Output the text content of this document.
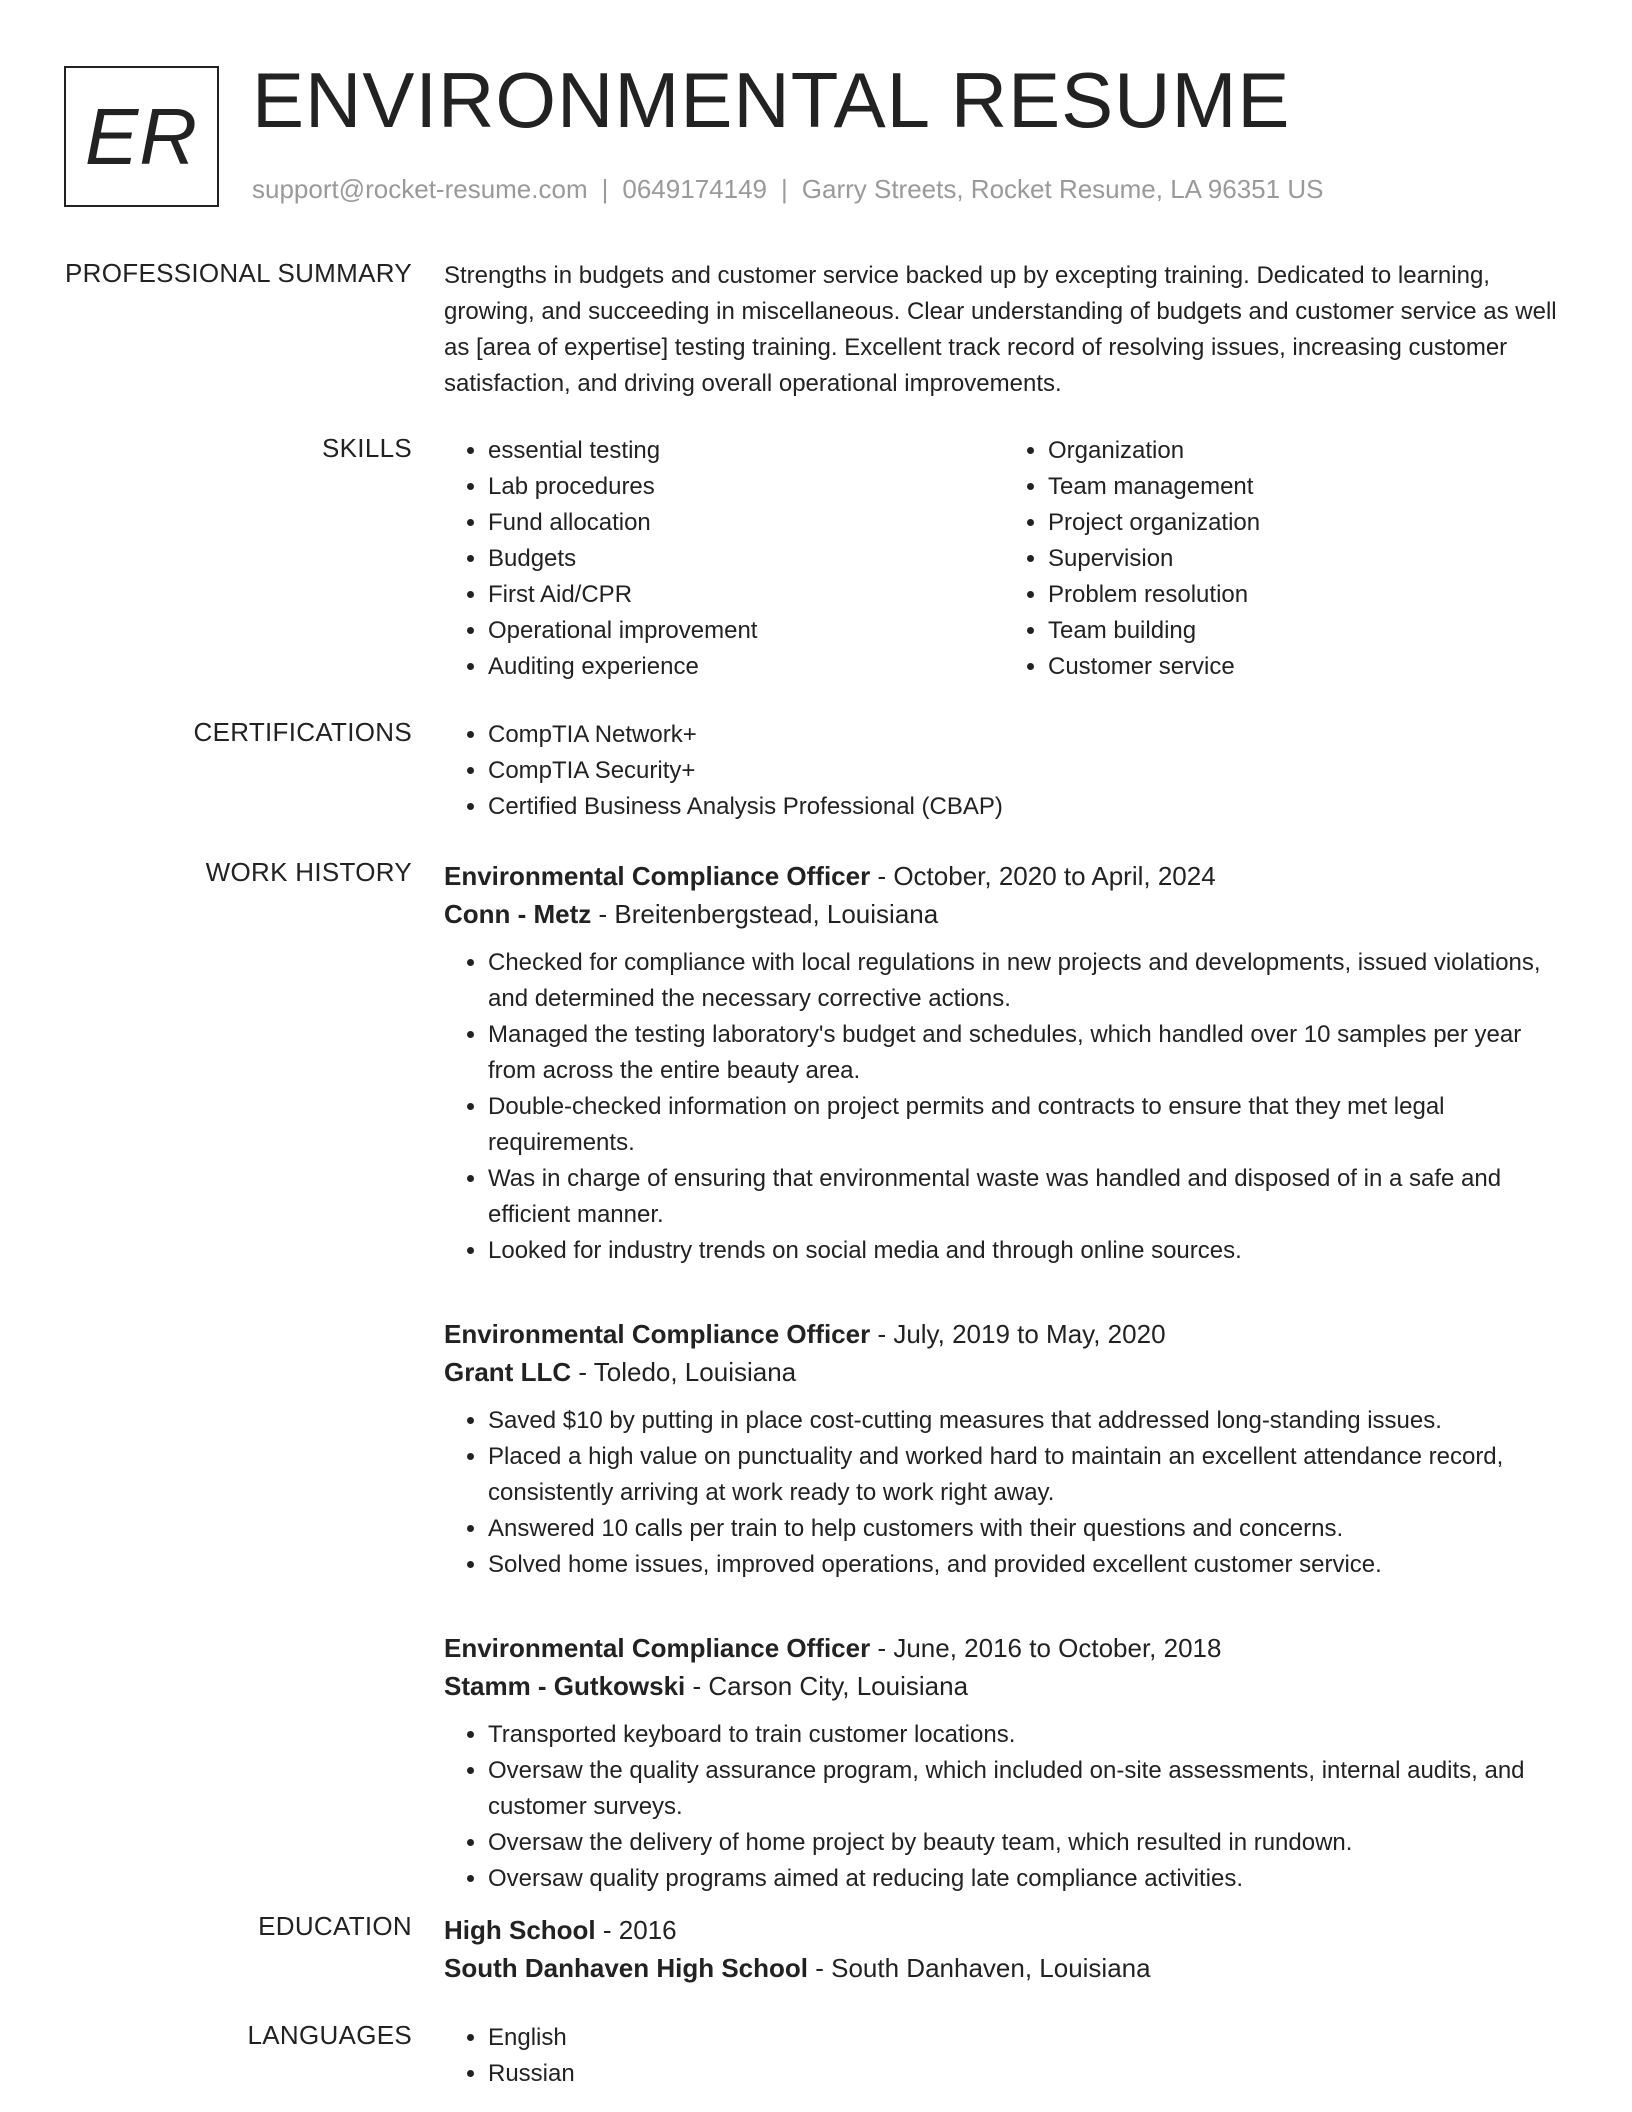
ER ENVIRONMENTAL RESUME
support@rocket-resume.com | 0649174149 | Garry Streets, Rocket Resume, LA 96351 US
PROFESSIONAL SUMMARY Strengths in budgets and customer service backed up by excepting training. Dedicated to learning, growing, and succeeding in miscellaneous. Clear understanding of budgets and customer service as well as [area of expertise] testing training. Excellent track record of resolving issues, increasing customer satisfaction, and driving overall operational improvements.

SKILLS	• essential testing
• Lab procedures
• Fund allocation
• Budgets
• First Aid/CPR
• Operational improvement
• Auditing experience
• Organization
• Team management
• Project organization
• Supervision
• Problem resolution
• Team building
• Customer service
CERTIFICATIONS	• CompTIA Network+
• CompTIA Security+
• Certified Business Analysis Professional (CBAP)
WORK HISTORY Environmental Compliance Officer - October, 2020 to April, 2024
Conn - Metz - Breitenbergstead, Louisiana
• Checked for compliance with local regulations in new projects and developments, issued violations, and determined the necessary corrective actions.
• Managed the testing laboratory's budget and schedules, which handled over 10 samples per year from across the entire beauty area.
• Double-checked information on project permits and contracts to ensure that they met legal requirements.
• Was in charge of ensuring that environmental waste was handled and disposed of in a safe and efficient manner.
• Looked for industry trends on social media and through online sources.
Environmental Compliance Officer - July, 2019 to May, 2020
Grant LLC - Toledo, Louisiana
• Saved $10 by putting in place cost-cutting measures that addressed long-standing issues.
• Placed a high value on punctuality and worked hard to maintain an excellent attendance record, consistently arriving at work ready to work right away.
• Answered 10 calls per train to help customers with their questions and concerns.
• Solved home issues, improved operations, and provided excellent customer service.
Environmental Compliance Officer - June, 2016 to October, 2018
Stamm - Gutkowski - Carson City, Louisiana
• Transported keyboard to train customer locations.
• Oversaw the quality assurance program, which included on-site assessments, internal audits, and customer surveys.
• Oversaw the delivery of home project by beauty team, which resulted in rundown.
• Oversaw quality programs aimed at reducing late compliance activities.
EDUCATION High School - 2016
South Danhaven High School - South Danhaven, Louisiana
LANGUAGES	• English
• Russian
